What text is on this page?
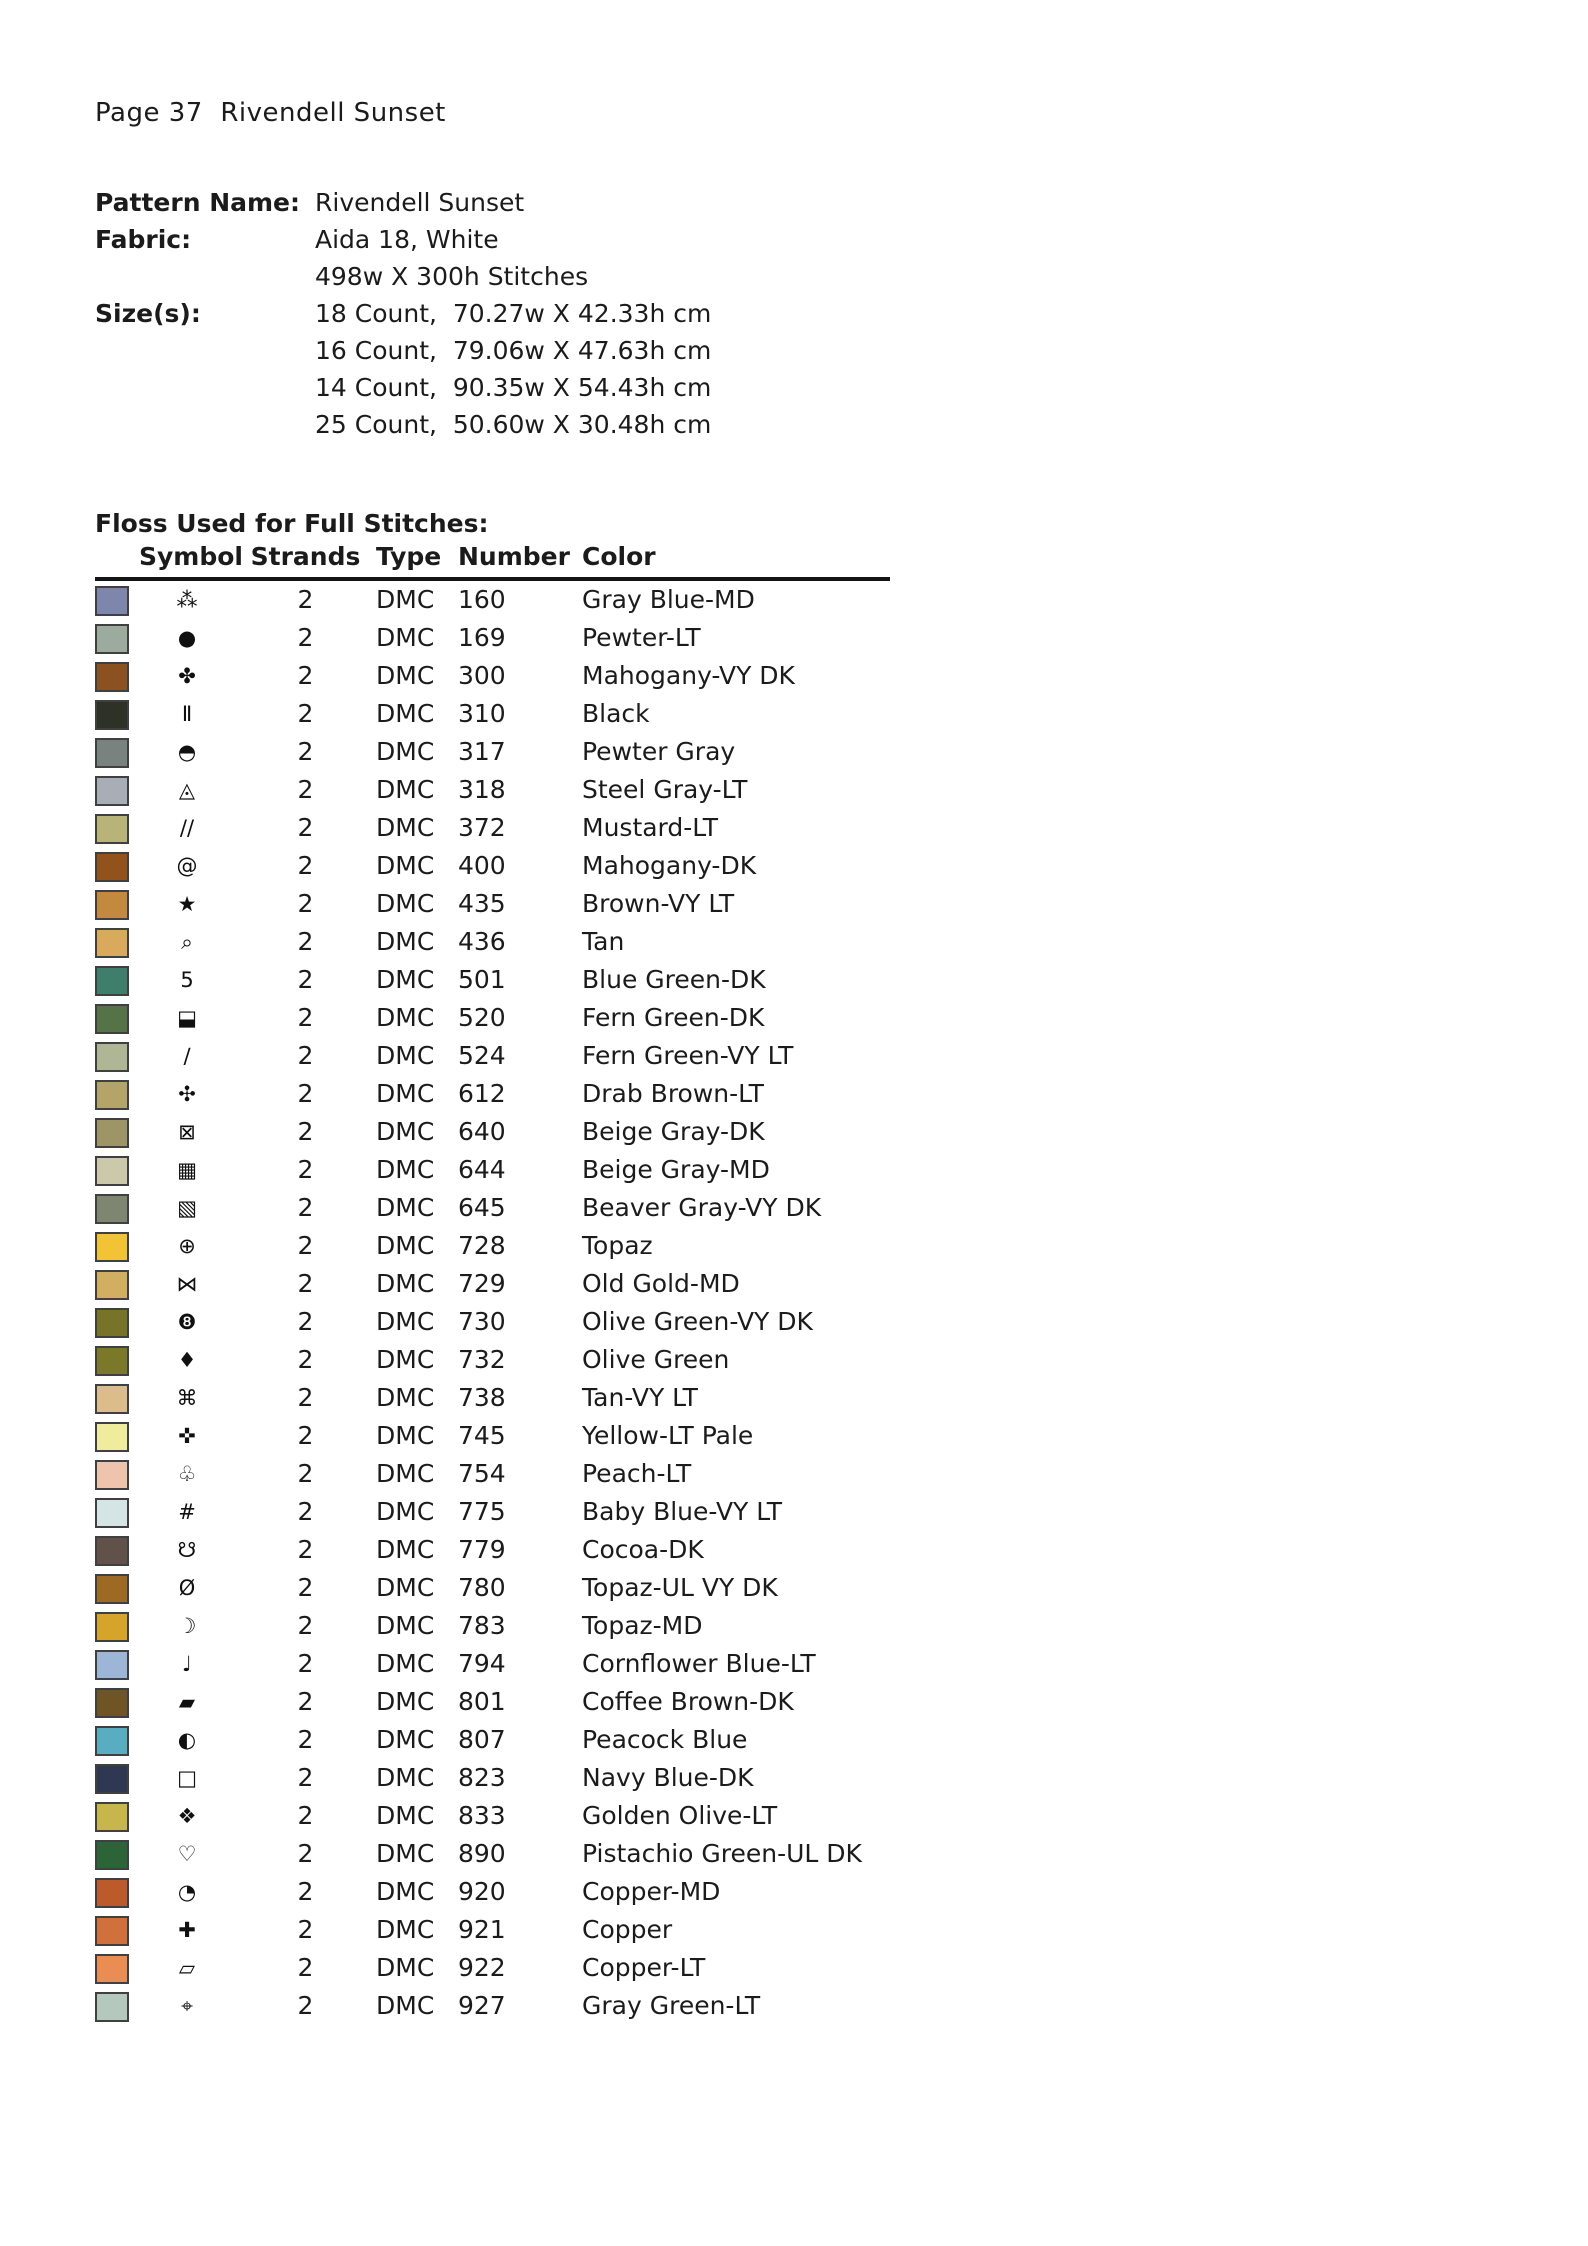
Page 37  Rivendell Sunset
Pattern Name: Rivendell Sunset
Fabric:	Aida 18, White
498w X 300h Stitches
Size(s):	18 Count,  70.27w X 42.33h cm
16 Count,  79.06w X 47.63h cm
14 Count,  90.35w X 54.43h cm
25 Count,  50.60w X 30.48h cm
Floss Used for Full Stitches:
Symbol Strands Type Number Color
⁂	2	DMC 160	Gray Blue-MD
●	2	DMC 169	Pewter-LT
✤	2	DMC 300	Mahogany-VY DK
Ⅱ	2	DMC 310	Black
◓	2	DMC 317	Pewter Gray
◬	2	DMC 318	Steel Gray-LT
//	2	DMC 372	Mustard-LT
@	2	DMC 400	Mahogany-DK
★	2	DMC 435	Brown-VY LT
⌕	2	DMC 436	Tan
5	2	DMC 501	Blue Green-DK
⬓	2	DMC 520	Fern Green-DK
∕	2	DMC 524	Fern Green-VY LT
✣	2	DMC 612	Drab Brown-LT
⊠	2	DMC 640	Beige Gray-DK
▦	2	DMC 644	Beige Gray-MD
▧	2	DMC 645	Beaver Gray-VY DK
⊕	2	DMC 728	Topaz
⋈	2	DMC 729	Old Gold-MD
❽	2	DMC 730	Olive Green-VY DK
♦	2	DMC 732	Olive Green
⌘	2	DMC 738	Tan-VY LT
✜	2	DMC 745	Yellow-LT Pale
♧	2	DMC 754	Peach-LT
#	2	DMC 775	Baby Blue-VY LT
☋	2	DMC 779	Cocoa-DK
Ø	2	DMC 780	Topaz-UL VY DK
☽	2	DMC 783	Topaz-MD
♩	2	DMC 794	Cornflower Blue-LT
▰	2	DMC 801	Coffee Brown-DK
◐	2	DMC 807	Peacock Blue
□	2	DMC 823	Navy Blue-DK
❖	2	DMC 833	Golden Olive-LT
♡	2	DMC 890	Pistachio Green-UL DK
◔	2	DMC 920	Copper-MD
✚	2	DMC 921	Copper
▱	2	DMC 922	Copper-LT
⌖	2	DMC 927	Gray Green-LT
